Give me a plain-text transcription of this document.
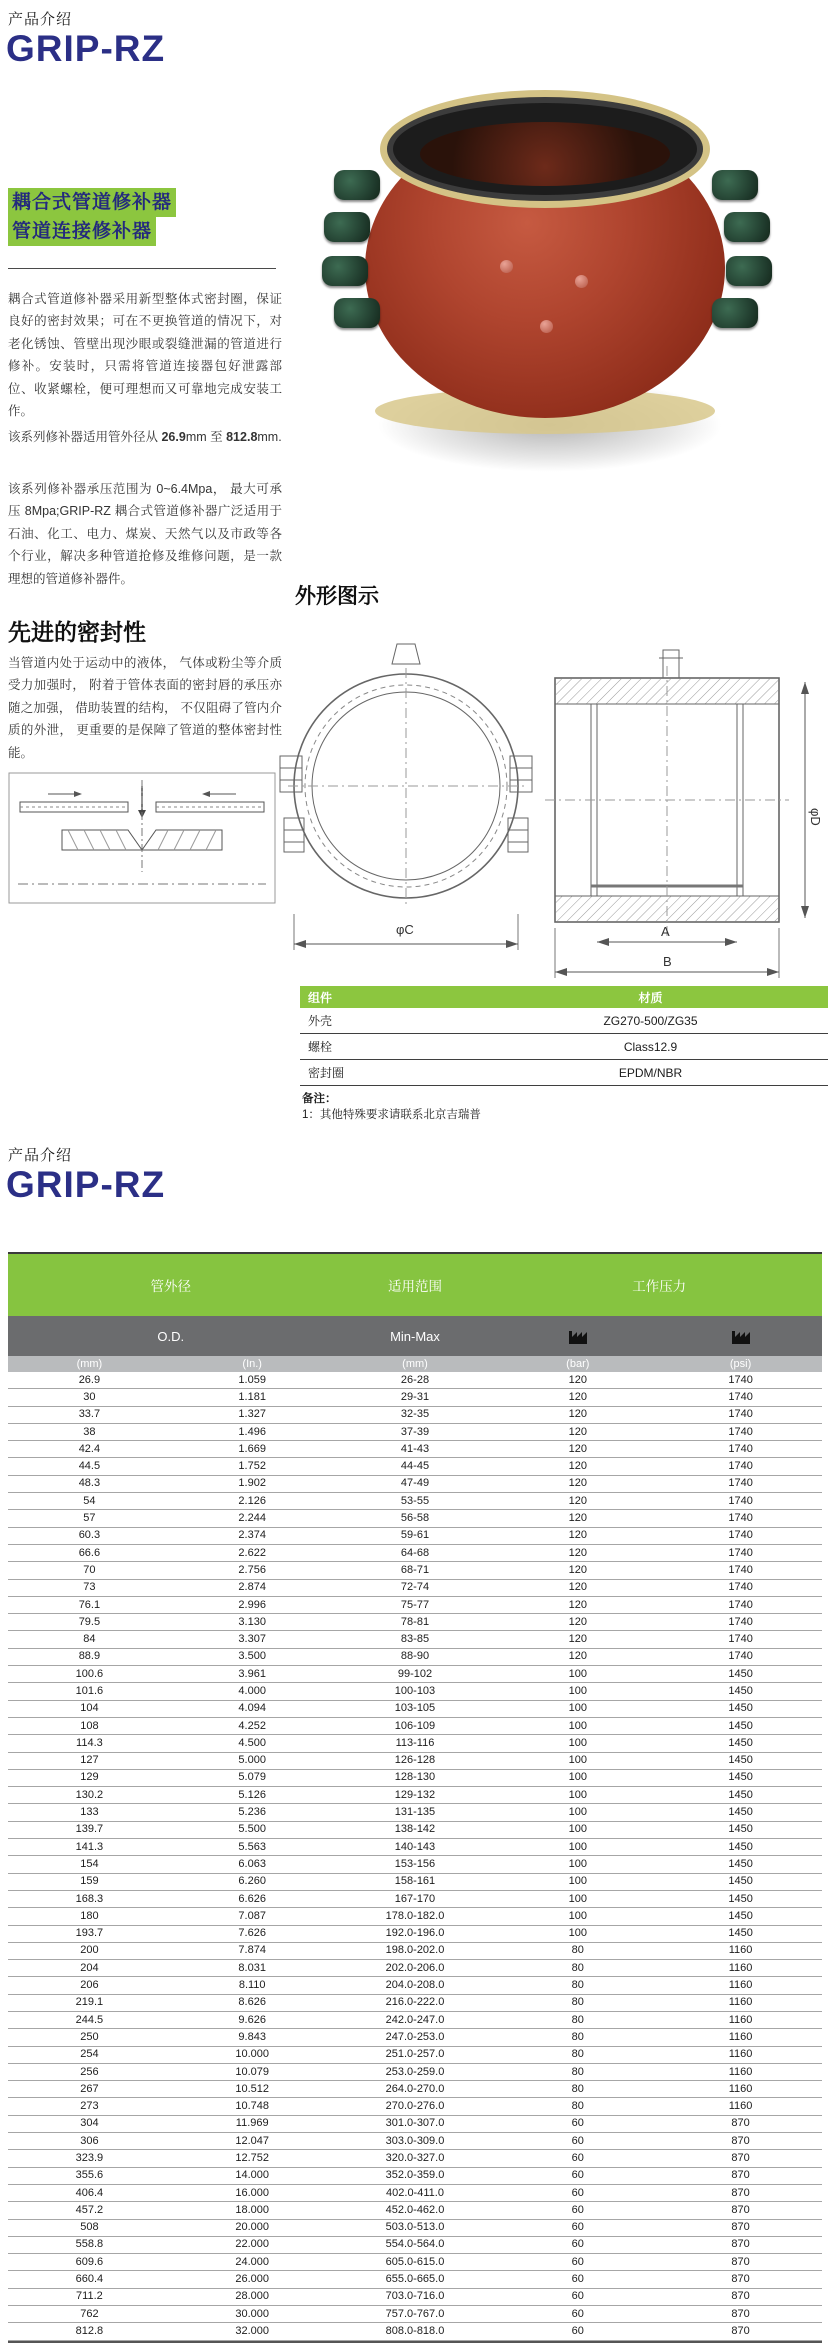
产品介绍
GRIP-RZ
耦合式管道修补器
管道连接修补器
耦合式管道修补器采用新型整体式密封圈，保证良好的密封效果；可在不更换管道的情况下，对老化锈蚀、管壁出现沙眼或裂缝泄漏的管道进行修补。安装时，只需将管道连接器包好泄露部位、收紧螺栓，便可理想而又可靠地完成安装工作。
该系列修补器适用管外径从 26.9mm 至 812.8mm.
该系列修补器承压范围为 0~6.4Mpa， 最大可承压 8Mpa;GRIP-RZ 耦合式管道修补器广泛适用于石油、化工、电力、煤炭、天然气以及市政等各个行业，解决多种管道抢修及维修问题，是一款理想的管道修补器件。
先进的密封性
当管道内处于运动中的液体， 气体或粉尘等介质受力加强时， 附着于管体表面的密封唇的承压亦随之加强， 借助装置的结构， 不仅阻碍了管内介质的外泄， 更重要的是保障了管道的整体密封性能。
外形图示
φC	A
B
φD
组件	材质
外壳	ZG270-500/ZG35
螺栓	Class12.9
密封圈	EPDM/NBR
备注：
1：其他特殊要求请联系北京吉瑞普
产品介绍
GRIP-RZ
管外径	适用范围	工作压力
O.D.	Min-Max
(mm)	(In.)	(mm)	(bar)	(psi)
26.9	1.059	26-28	120	1740
30	1.181	29-31	120	1740
33.7	1.327	32-35	120	1740
38	1.496	37-39	120	1740
42.4	1.669	41-43	120	1740
44.5	1.752	44-45	120	1740
48.3	1.902	47-49	120	1740
54	2.126	53-55	120	1740
57	2.244	56-58	120	1740
60.3	2.374	59-61	120	1740
66.6	2.622	64-68	120	1740
70	2.756	68-71	120	1740
73	2.874	72-74	120	1740
76.1	2.996	75-77	120	1740
79.5	3.130	78-81	120	1740
84	3.307	83-85	120	1740
88.9	3.500	88-90	120	1740
100.6	3.961	99-102	100	1450
101.6	4.000	100-103	100	1450
104	4.094	103-105	100	1450
108	4.252	106-109	100	1450
114.3	4.500	113-116	100	1450
127	5.000	126-128	100	1450
129	5.079	128-130	100	1450
130.2	5.126	129-132	100	1450
133	5.236	131-135	100	1450
139.7	5.500	138-142	100	1450
141.3	5.563	140-143	100	1450
154	6.063	153-156	100	1450
159	6.260	158-161	100	1450
168.3	6.626	167-170	100	1450
180	7.087	178.0-182.0	100	1450
193.7	7.626	192.0-196.0	100	1450
200	7.874	198.0-202.0	80	1160
204	8.031	202.0-206.0	80	1160
206	8.110	204.0-208.0	80	1160
219.1	8.626	216.0-222.0	80	1160
244.5	9.626	242.0-247.0	80	1160
250	9.843	247.0-253.0	80	1160
254	10.000	251.0-257.0	80	1160
256	10.079	253.0-259.0	80	1160
267	10.512	264.0-270.0	80	1160
273	10.748	270.0-276.0	80	1160
304	11.969	301.0-307.0	60	870
306	12.047	303.0-309.0	60	870
323.9	12.752	320.0-327.0	60	870
355.6	14.000	352.0-359.0	60	870
406.4	16.000	402.0-411.0	60	870
457.2	18.000	452.0-462.0	60	870
508	20.000	503.0-513.0	60	870
558.8	22.000	554.0-564.0	60	870
609.6	24.000	605.0-615.0	60	870
660.4	26.000	655.0-665.0	60	870
711.2	28.000	703.0-716.0	60	870
762	30.000	757.0-767.0	60	870
812.8	32.000	808.0-818.0	60	870
